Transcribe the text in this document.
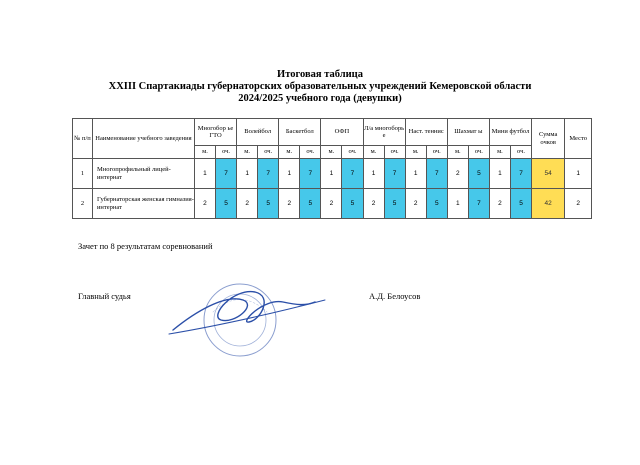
Итоговая таблица
XXIII Спартакиады губернаторских образовательных учреждений Кемеровской области
2024/2025 учебного года (девушки)
№ п/п	Наименование учебного заведения	Многобор ье ГТО		Волейбол		Баскетбол		ОФП		Л/а многоборь е		Наст. теннис		Шахмат ы		Мини футбол		Сумма очков	Место
		м.	оч.	м.	оч.	м.	оч.	м.	оч.	м.	оч.	м.	оч.	м.	оч.	м.	оч.		
1	Многопрофильный лицей-интернат	1	7	1	7	1	7	1	7	1	7	1	7	2	5	1	7	54	1
2	Губернаторская женская гимназия-интернат	2	5	2	5	2	5	2	5	2	5	2	5	1	7	2	5	42	2
Зачет по 8 результатам соревнований
Главный судья	А.Д. Белоусов
